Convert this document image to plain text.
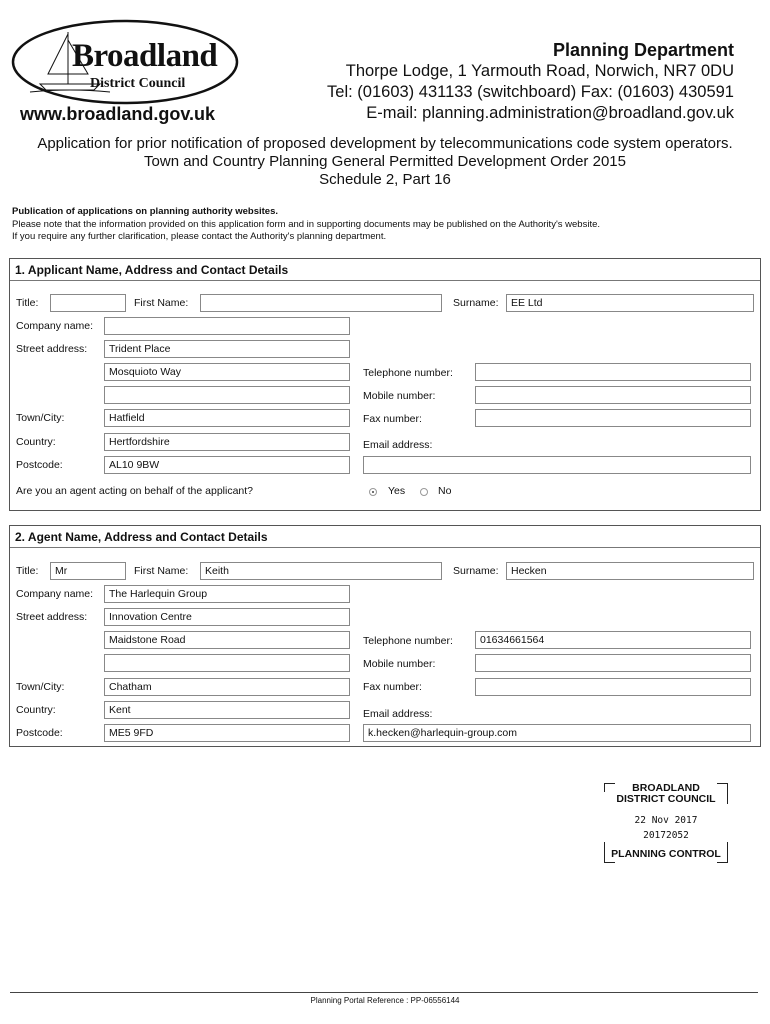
Broadland
District Council
www.broadland.gov.uk
Planning Department
Thorpe Lodge, 1 Yarmouth Road, Norwich, NR7 0DU
Tel: (01603) 431133 (switchboard) Fax: (01603) 430591
E-mail: planning.administration@broadland.gov.uk
Application for prior notification of proposed development by telecommunications code system operators.
Town and Country Planning General Permitted Development Order 2015
Schedule 2, Part 16
Publication of applications on planning authority websites.
Please note that the information provided on this application form and in supporting documents may be published on the Authority's website.
If you require any further clarification, please contact the Authority's planning department.
1. Applicant Name, Address and Contact Details
Title:	First Name:	Surname:	EE Ltd
Company name:
Street address:	Trident Place
Mosquioto Way
Town/City:	Hatfield
Country:	Hertfordshire
Postcode:	AL10 9BW
Telephone number:
Mobile number:
Fax number:
Email address:
Are you an agent acting on behalf of the applicant?	Yes	No
2. Agent Name, Address and Contact Details
Title:	Mr	First Name:	Keith	Surname:	Hecken
Company name:	The Harlequin Group
Street address:	Innovation Centre
Maidstone Road
Town/City:	Chatham
Country:	Kent
Postcode:	ME5 9FD
Telephone number:	01634661564
Mobile number:
Fax number:
Email address:
k.hecken@harlequin-group.com
BROADLAND
DISTRICT COUNCIL
22 Nov 2017
20172052
PLANNING CONTROL
Planning Portal Reference : PP-06556144
